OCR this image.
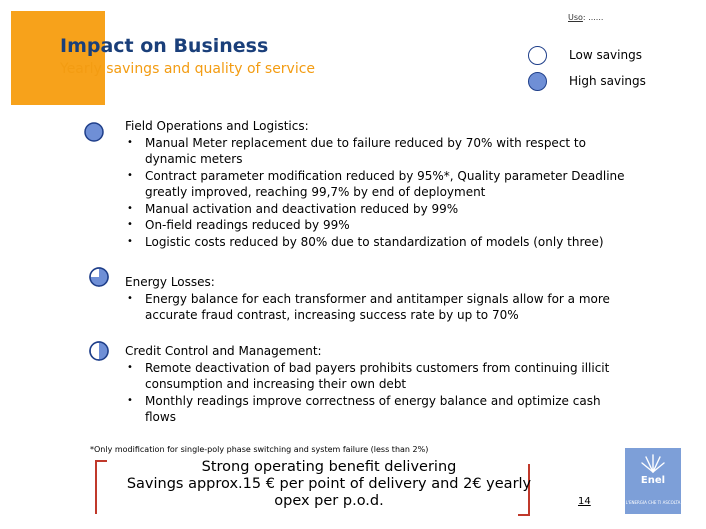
Uso: ......
Impact on Business
Yearly savings and quality of service
Low savings
High savings
Field Operations and Logistics:
• Manual Meter replacement due to failure reduced by 70% with respect to dynamic meters
• Contract parameter modification reduced by 95%*, Quality parameter Deadline greatly improved, reaching 99,7% by end of deployment
• Manual activation and deactivation reduced by 99%
• On-field readings reduced by 99%
• Logistic costs reduced by 80% due to standardization of models (only three)
Energy Losses:
• Energy balance for each transformer and antitamper signals allow for a more accurate fraud contrast, increasing success rate by up to 70%
Credit Control and Management:
• Remote deactivation of bad payers prohibits customers from continuing illicit consumption and increasing their own debt
• Monthly readings improve correctness of energy balance and optimize cash flows
*Only modification for single-poly phase switching and system failure (less than 2%)
Strong operating benefit delivering
Savings approx.15 € per point of delivery and 2€ yearly
opex per p.o.d.	14
Enel
L'ENERGIA CHE TI ASCOLTA
